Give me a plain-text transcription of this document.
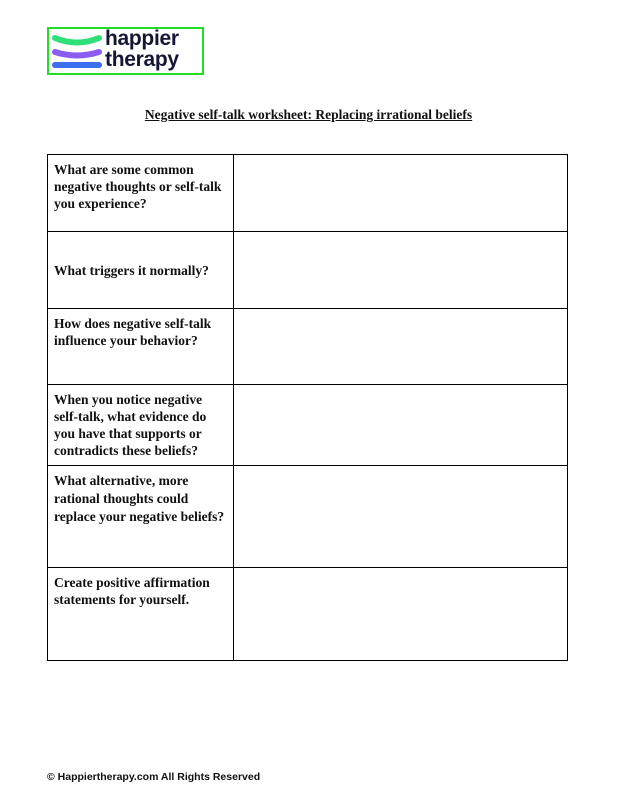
happier
therapy
Negative self-talk worksheet: Replacing irrational beliefs
What are some common negative thoughts or self-talk you experience?	
What triggers it normally?	
How does negative self-talk influence your behavior?	
When you notice negative self-talk, what evidence do you have that supports or contradicts these beliefs?	
What alternative, more rational thoughts could replace your negative beliefs?	
Create positive affirmation statements for yourself.	
© Happiertherapy.com All Rights Reserved
